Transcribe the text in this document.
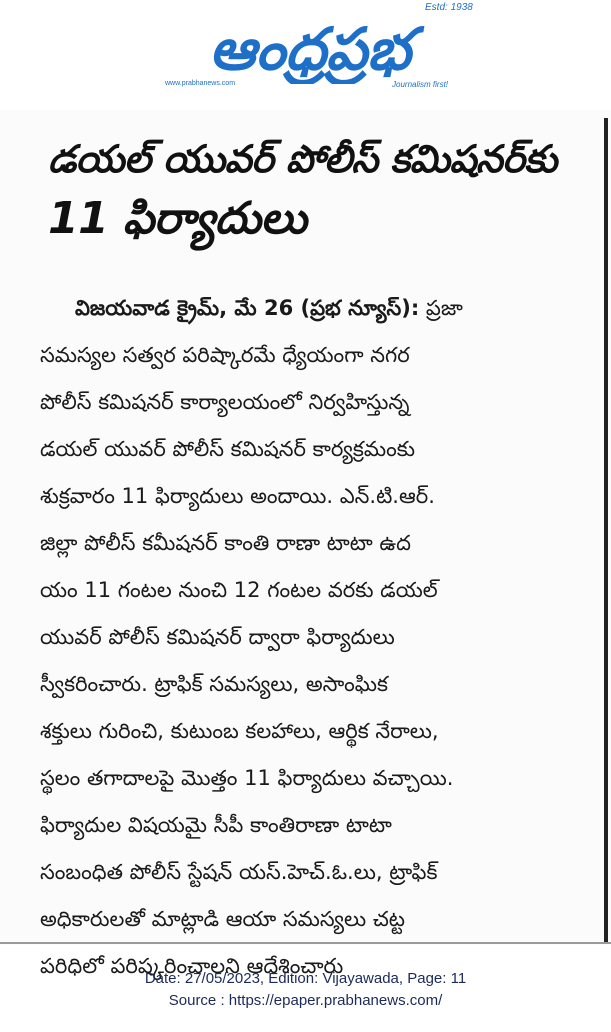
Estd: 1938
ఆంధ్రప్రభ
www.prabhanews.com	Journalism first!
డయల్ యువర్ పోలీస్ కమిషనర్‌కు
11 ఫిర్యాదులు
విజయవాడ క్రైమ్, మే 26 (ప్రభ న్యూస్): ప్రజా
సమస్యల సత్వర పరిష్కారమే ధ్యేయంగా నగర
పోలీస్ కమిషనర్ కార్యాలయంలో నిర్వహిస్తున్న
డయల్ యువర్ పోలీస్ కమిషనర్ కార్యక్రమంకు
శుక్రవారం 11 ఫిర్యాదులు అందాయి. ఎన్.టి.ఆర్.
జిల్లా పోలీస్ కమీషనర్ కాంతి రాణా టాటా ఉద
యం 11 గంటల నుంచి 12 గంటల వరకు డయల్
యువర్ పోలీస్ కమిషనర్ ద్వారా ఫిర్యాదులు
స్వీకరించారు. ట్రాఫిక్ సమస్యలు, అసాంఘిక
శక్తులు గురించి, కుటుంబ కలహాలు, ఆర్థిక నేరాలు,
స్థలం తగాదాలపై మొత్తం 11 ఫిర్యాదులు వచ్చాయి.
ఫిర్యాదుల విషయమై సీపీ కాంతిరాణా టాటా
సంబంధిత పోలీస్ స్టేషన్ యస్.హెచ్.ఓ.లు, ట్రాఫిక్
అధికారులతో మాట్లాడి ఆయా సమస్యలు చట్ట
పరిధిలో పరిష్కరించాలని ఆదేశించారు
Date: 27/05/2023, Edition: Vijayawada, Page: 11
Source : https://epaper.prabhanews.com/
